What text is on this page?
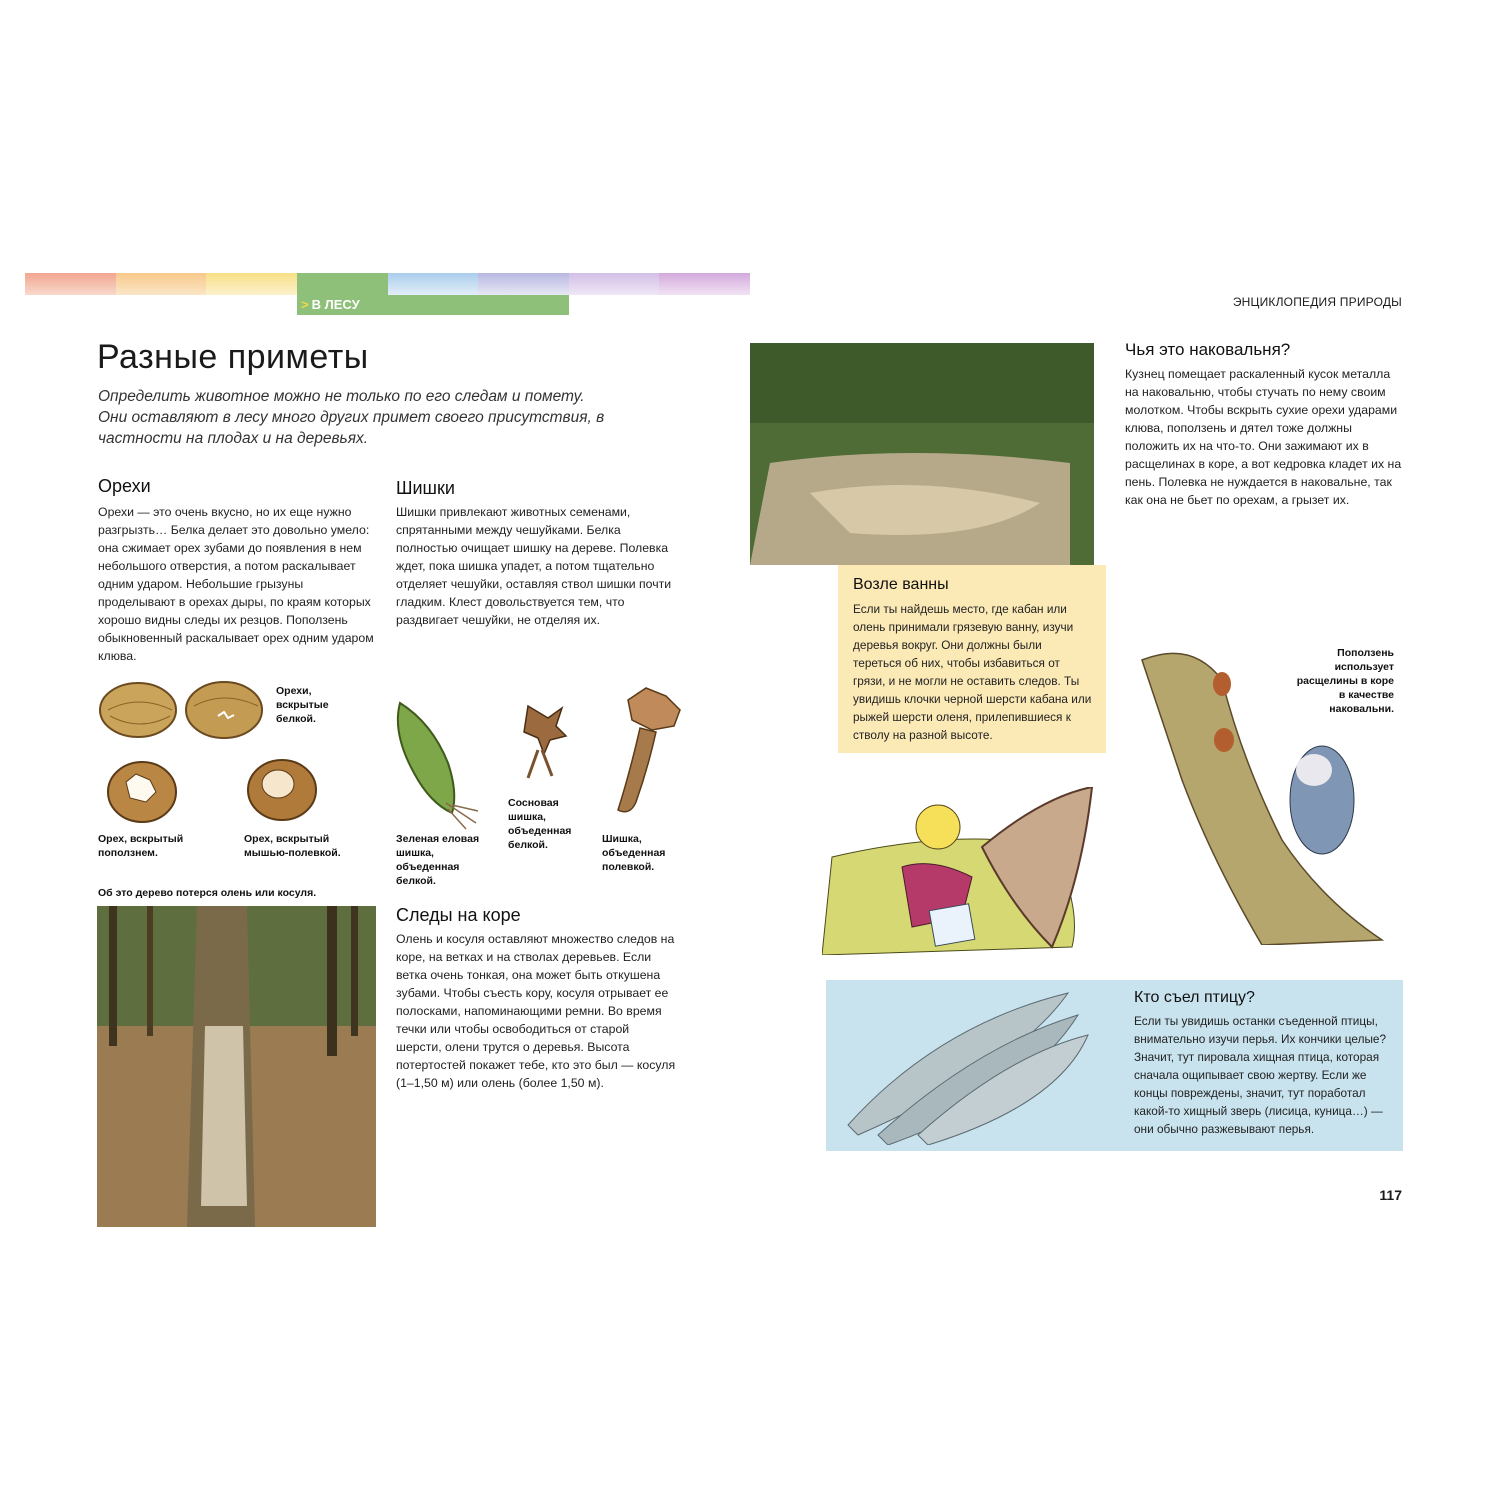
> В ЛЕСУ	ЭНЦИКЛОПЕДИЯ ПРИРОДЫ
Разные приметы
Определить животное можно не только по его следам и помету. Они оставляют в лесу много других примет своего присутствия, в частности на плодах и на деревьях.
Орехи
Орехи — это очень вкусно, но их еще нужно разгрызть… Белка делает это довольно умело: она сжимает орех зубами до появления в нем небольшого отверстия, а потом раскалывает одним ударом. Небольшие грызуны проделывают в орехах дыры, по краям которых хорошо видны следы их резцов. Поползень обыкновенный раскалывает орех одним ударом клюва.
Шишки
Шишки привлекают животных семенами, спрятанными между чешуйками. Белка полностью очищает шишку на дереве. Полевка ждет, пока шишка упадет, а потом тщательно отделяет чешуйки, оставляя ствол шишки почти гладким. Клест довольствуется тем, что раздвигает чешуйки, не отделяя их.
Орехи, вскрытые белкой.
Орех, вскрытый поползнем.
Орех, вскрытый мышью-полевкой.
Зеленая еловая шишка, объеденная белкой.
Сосновая шишка, объеденная белкой.	Шишка, объеденная полевкой.
Об это дерево потерся олень или косуля.
Следы на коре
Олень и косуля оставляют множество следов на коре, на ветках и на стволах деревьев. Если ветка очень тонкая, она может быть откушена зубами. Чтобы съесть кору, косуля отрывает ее полосками, напоминающими ремни. Во время течки или чтобы освободиться от старой шерсти, олени трутся о деревья. Высота потертостей покажет тебе, кто это был — косуля (1–1,50 м) или олень (более 1,50 м).
Возле ванны
Если ты найдешь место, где кабан или олень принимали грязевую ванну, изучи деревья вокруг. Они должны были тереться об них, чтобы избавиться от грязи, и не могли не оставить следов. Ты увидишь клочки черной шерсти кабана или рыжей шерсти оленя, прилепившиеся к стволу на разной высоте.
Чья это наковальня?
Кузнец помещает раскаленный кусок металла на наковальню, чтобы стучать по нему своим молотком. Чтобы вскрыть сухие орехи ударами клюва, поползень и дятел тоже должны положить их на что-то. Они зажимают их в расщелинах в коре, а вот кедровка кладет их на пень. Полевка не нуждается в наковальне, так как она не бьет по орехам, а грызет их.
Поползень использует расщелины в коре в качестве наковальни.
Кто съел птицу?
Если ты увидишь останки съеденной птицы, внимательно изучи перья. Их кончики целые? Значит, тут пировала хищная птица, которая сначала ощипывает свою жертву. Если же концы повреждены, значит, тут поработал какой-то хищный зверь (лисица, куница…) — они обычно разжевывают перья.
117
